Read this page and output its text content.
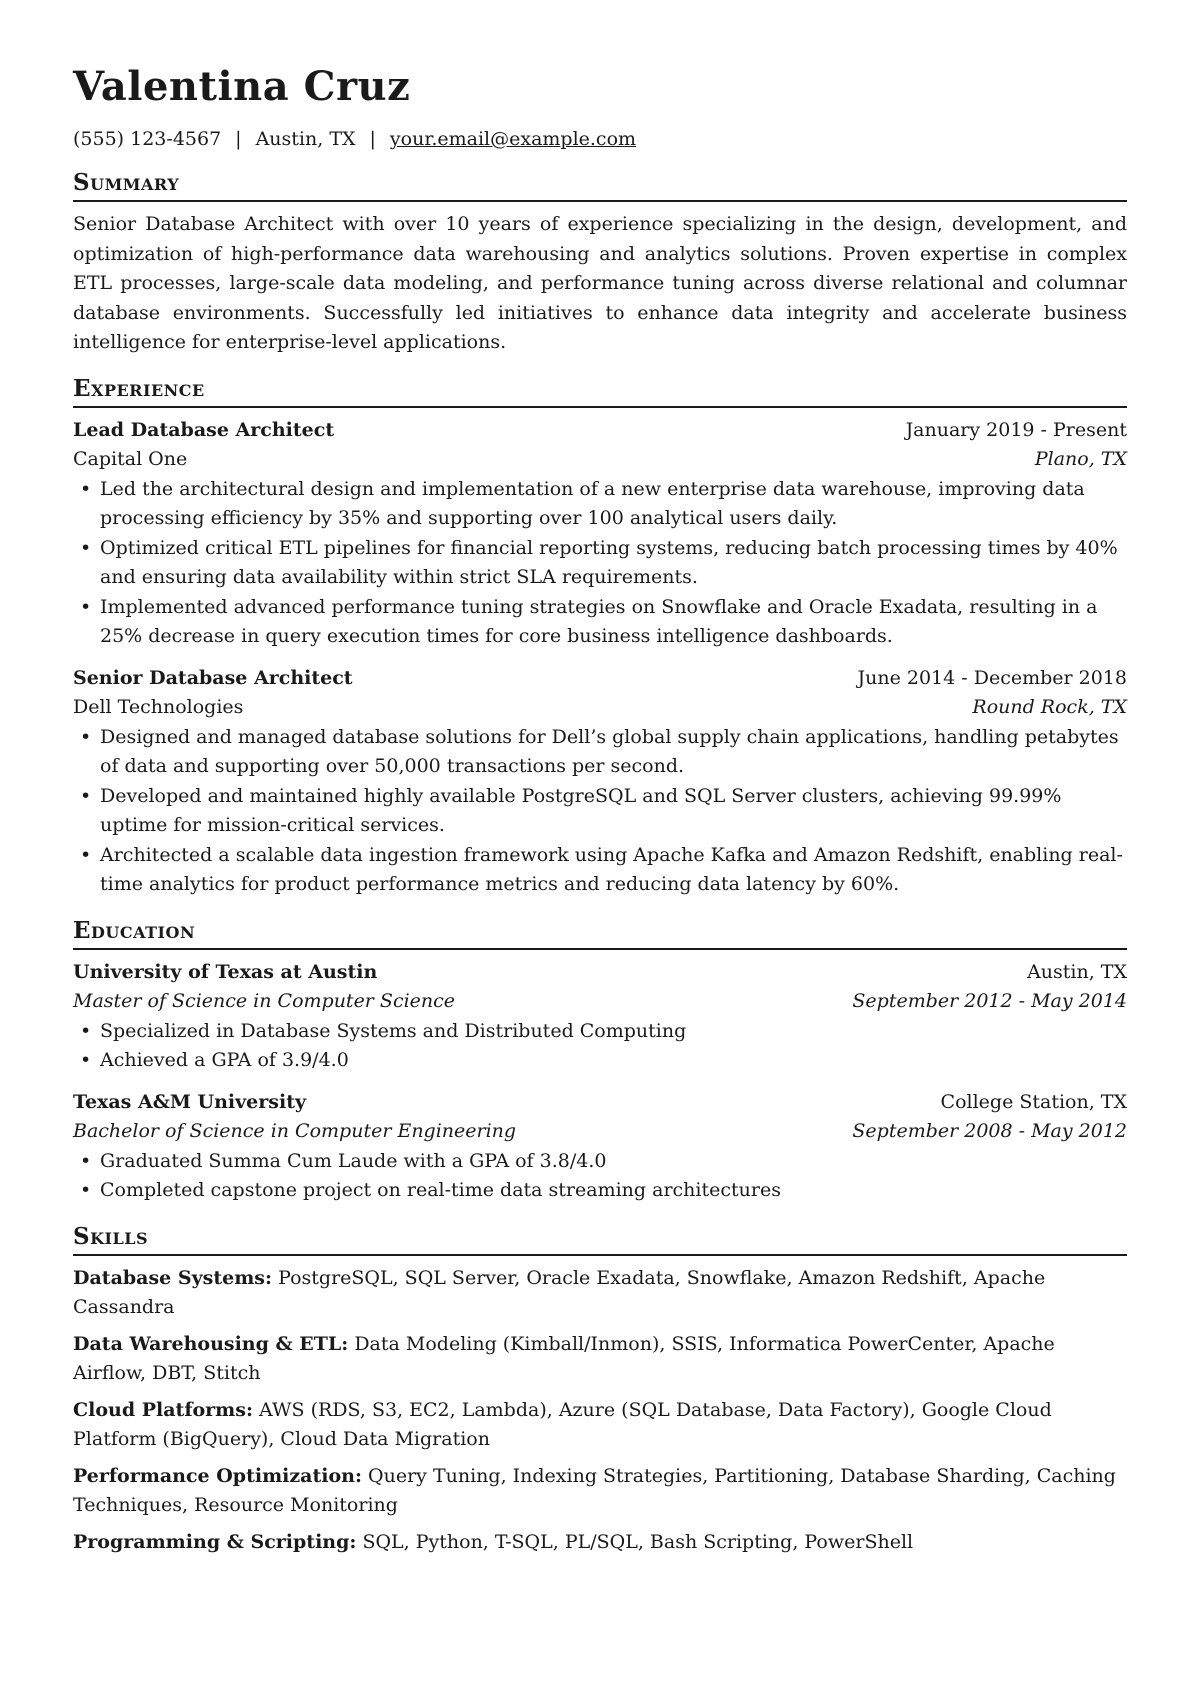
Valentina Cruz
(555) 123-4567 | Austin, TX | your.email@example.com
Summary
Senior Database Architect with over 10 years of experience specializing in the design, development, and optimization of high-performance data warehousing and analytics solutions. Proven expertise in complex ETL processes, large-scale data modeling, and performance tuning across diverse relational and columnar database environments. Successfully led initiatives to enhance data integrity and accelerate business intelligence for enterprise-level applications.
Experience
Lead Database Architect	January 2019 - Present
Capital One	Plano, TX
• Led the architectural design and implementation of a new enterprise data warehouse, improving data processing efficiency by 35% and supporting over 100 analytical users daily.
• Optimized critical ETL pipelines for financial reporting systems, reducing batch processing times by 40% and ensuring data availability within strict SLA requirements.
• Implemented advanced performance tuning strategies on Snowflake and Oracle Exadata, resulting in a 25% decrease in query execution times for core business intelligence dashboards.
Senior Database Architect	June 2014 - December 2018
Dell Technologies	Round Rock, TX
• Designed and managed database solutions for Dell’s global supply chain applications, handling petabytes of data and supporting over 50,000 transactions per second.
• Developed and maintained highly available PostgreSQL and SQL Server clusters, achieving 99.99% uptime for mission-critical services.
• Architected a scalable data ingestion framework using Apache Kafka and Amazon Redshift, enabling real-time analytics for product performance metrics and reducing data latency by 60%.
Education
University of Texas at Austin	Austin, TX
Master of Science in Computer Science	September 2012 - May 2014
• Specialized in Database Systems and Distributed Computing
• Achieved a GPA of 3.9/4.0
Texas A&M University	College Station, TX
Bachelor of Science in Computer Engineering	September 2008 - May 2012
• Graduated Summa Cum Laude with a GPA of 3.8/4.0
• Completed capstone project on real-time data streaming architectures
Skills
Database Systems: PostgreSQL, SQL Server, Oracle Exadata, Snowflake, Amazon Redshift, Apache Cassandra
Data Warehousing & ETL: Data Modeling (Kimball/Inmon), SSIS, Informatica PowerCenter, Apache Airflow, DBT, Stitch
Cloud Platforms: AWS (RDS, S3, EC2, Lambda), Azure (SQL Database, Data Factory), Google Cloud Platform (BigQuery), Cloud Data Migration
Performance Optimization: Query Tuning, Indexing Strategies, Partitioning, Database Sharding, Caching Techniques, Resource Monitoring
Programming & Scripting: SQL, Python, T-SQL, PL/SQL, Bash Scripting, PowerShell
